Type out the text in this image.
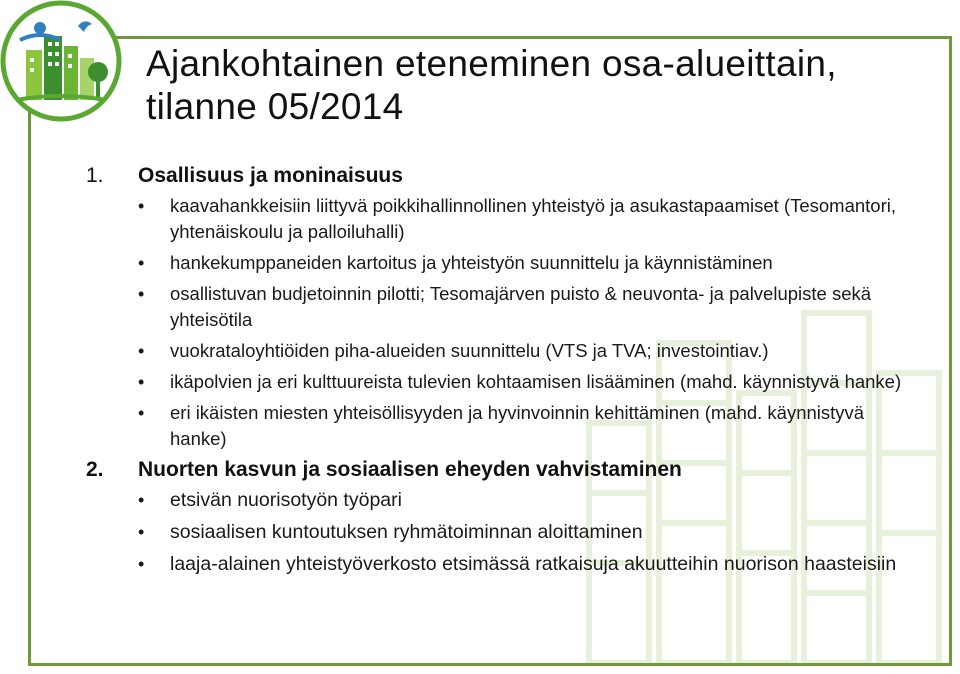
Ajankohtainen eteneminen osa-alueittain,
tilanne 05/2014
1.	Osallisuus ja moninaisuus
• kaavahankkeisiin liittyvä poikkihallinnollinen yhteistyö ja asukastapaamiset (Tesomantori, yhtenäiskoulu ja palloiluhalli)
• hankekumppaneiden kartoitus ja yhteistyön suunnittelu ja käynnistäminen
• osallistuvan budjetoinnin pilotti; Tesomajärven puisto & neuvonta- ja palvelupiste sekä yhteisötila
• vuokrataloyhtiöiden piha-alueiden suunnittelu (VTS ja TVA; investointiav.)
• ikäpolvien ja eri kulttuureista tulevien kohtaamisen lisääminen (mahd. käynnistyvä hanke)
• eri ikäisten miesten yhteisöllisyyden ja hyvinvoinnin kehittäminen (mahd. käynnistyvä hanke)
2.	Nuorten kasvun ja sosiaalisen eheyden vahvistaminen
• etsivän nuorisotyön työpari
• sosiaalisen kuntoutuksen ryhmätoiminnan aloittaminen
• laaja-alainen yhteistyöverkosto etsimässä ratkaisuja akuutteihin nuorison haasteisiin
